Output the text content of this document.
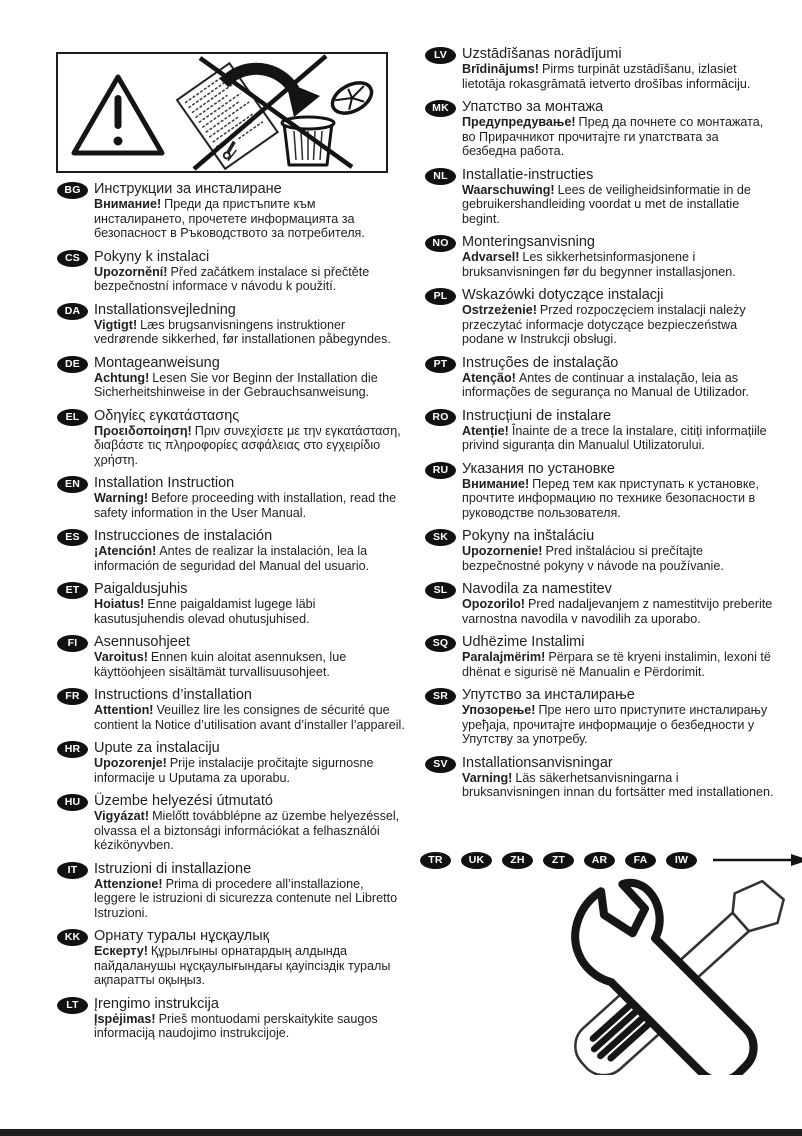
BG Инструкции за инсталиране
Внимание! Преди да пристъпите към инсталирането, прочетете информацията за безопасност в Ръководството за потребителя.
CS Pokyny k instalaci
Upozornění! Před začátkem instalace si přečtěte bezpečnostní informace v návodu k použití.
DA Installationsvejledning
Vigtigt! Læs brugsanvisningens instruktioner vedrørende sikkerhed, før installationen påbegyndes.
DE Montageanweisung
Achtung! Lesen Sie vor Beginn der Installation die Sicherheitshinweise in der Gebrauchsanweisung.
EL Οδηγίες εγκατάστασης
Προειδοποίηση! Πριν συνεχίσετε με την εγκατάσταση, διαβάστε τις πληροφορίες ασφάλειας στο εγχειρίδιο χρήστη.
EN Installation Instruction
Warning! Before proceeding with installation, read the safety information in the User Manual.
ES Instrucciones de instalación
¡Atención! Antes de realizar la instalación, lea la información de seguridad del Manual del usuario.
ET Paigaldusjuhis
Hoiatus! Enne paigaldamist lugege läbi kasutusjuhendis olevad ohutusjuhised.
FI Asennusohjeet
Varoitus! Ennen kuin aloitat asennuksen, lue käyttöohjeen sisältämät turvallisuusohjeet.
FR Instructions d’installation
Attention! Veuillez lire les consignes de sécurité que contient la Notice d’utilisation avant d’installer l’appareil.
HR Upute za instalaciju
Upozorenje! Prije instalacije pročitajte sigurnosne informacije u Uputama za uporabu.
HU Üzembe helyezési útmutató
Vigyázat! Mielőtt továbblépne az üzembe helyezéssel, olvassa el a biztonsági információkat a felhasználói kézikönyvben.
IT Istruzioni di installazione
Attenzione! Prima di procedere all’installazione, leggere le istruzioni di sicurezza contenute nel Libretto Istruzioni.
KK Орнату туралы нұсқаулық
Ескерту! Құрылғыны орнатардың алдында пайдаланушы нұсқаулығындағы қауіпсіздік туралы ақпаратты оқыңыз.
LT Įrengimo instrukcija
Įspėjimas! Prieš montuodami perskaitykite saugos informaciją naudojimo instrukcijoje.
LV Uzstādīšanas norādījumi
Brīdinājums! Pirms turpināt uzstādīšanu, izlasiet lietotāja rokasgrāmatā ietverto drošības informāciju.
MK Упатство за монтажа
Предупредување! Пред да почнете со монтажата, во Прирачникот прочитајте ги упатствата за безбедна работа.
NL Installatie-instructies
Waarschuwing! Lees de veiligheidsinformatie in de gebruikershandleiding voordat u met de installatie begint.
NO Monteringsanvisning
Advarsel! Les sikkerhetsinformasjonene i bruksanvisningen før du begynner installasjonen.
PL Wskazówki dotyczące instalacji
Ostrzeżenie! Przed rozpoczęciem instalacji należy przeczytać informacje dotyczące bezpieczeństwa podane w Instrukcji obsługi.
PT Instruções de instalação
Atenção! Antes de continuar a instalação, leia as informações de segurança no Manual de Utilizador.
RO Instrucțiuni de instalare
Atenție! Înainte de a trece la instalare, citiți informațiile privind siguranța din Manualul Utilizatorului.
RU Указания по установке
Внимание! Перед тем как приступать к установке, прочтите информацию по технике безопасности в руководстве пользователя.
SK Pokyny na inštaláciu
Upozornenie! Pred inštaláciou si prečítajte bezpečnostné pokyny v návode na používanie.
SL Navodila za namestitev
Opozorilo! Pred nadaljevanjem z namestitvijo preberite varnostna navodila v navodilih za uporabo.
SQ Udhëzime Instalimi
Paralajmërim! Përpara se të kryeni instalimin, lexoni të dhënat e sigurisë në Manualin e Përdorimit.
SR Упутство за инсталирање
Упозорење! Пре него што приступите инсталирању уређаја, прочитајте информације о безбедности у Упутству за употребу.
SV Installationsanvisningar
Varning! Läs säkerhetsanvisningarna i bruksanvisningen innan du fortsätter med installationen.
TR UK ZH	ZT	AR	FA	IW
